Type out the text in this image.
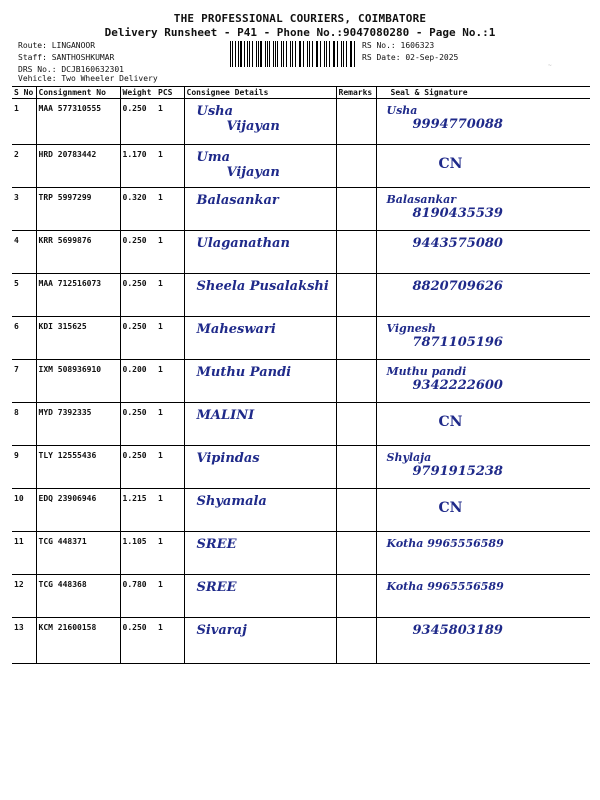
THE PROFESSIONAL COURIERS, COIMBATORE
Delivery Runsheet - P41 - Phone No.:9047080280 - Page No.:1
Route: LINGANOOR
Staff: SANTHOSHKUMAR
DRS No.: DCJB160632301
Vehicle: Two Wheeler Delivery
RS No.: 1606323
RS Date: 02-Sep-2025
S No	Consignment No	Weight	PCS	Consignee Details	Remarks	Seal & Signature
1	MAA 577310555	0.250	1	Usha
Vijayan		Usha
9994770088

2	HRD 20783442	1.170	1	Uma
Vijayan		CN

3	TRP 5997299	0.320	1	Balasankar		Balasankar
8190435539

4	KRR 5699876	0.250	1	Ulaganathan		9443575080

5	MAA 712516073	0.250	1	Sheela Pusalakshi		8820709626

6	KDI 315625	0.250	1	Maheswari		Vignesh
7871105196

7	IXM 508936910	0.200	1	Muthu Pandi		Muthu pandi
9342222600

8	MYD 7392335	0.250	1	MALINI		CN

9	TLY 12555436	0.250	1	Vipindas		Shylaja
9791915238

10	EDQ 23906946	1.215	1	Shyamala		CN

11	TCG 448371	1.105	1	SREE		Kotha 9965556589

12	TCG 448368	0.780	1	SREE		Kotha 9965556589

13	KCM 21600158	0.250	1	Sivaraj		9345803189
~
